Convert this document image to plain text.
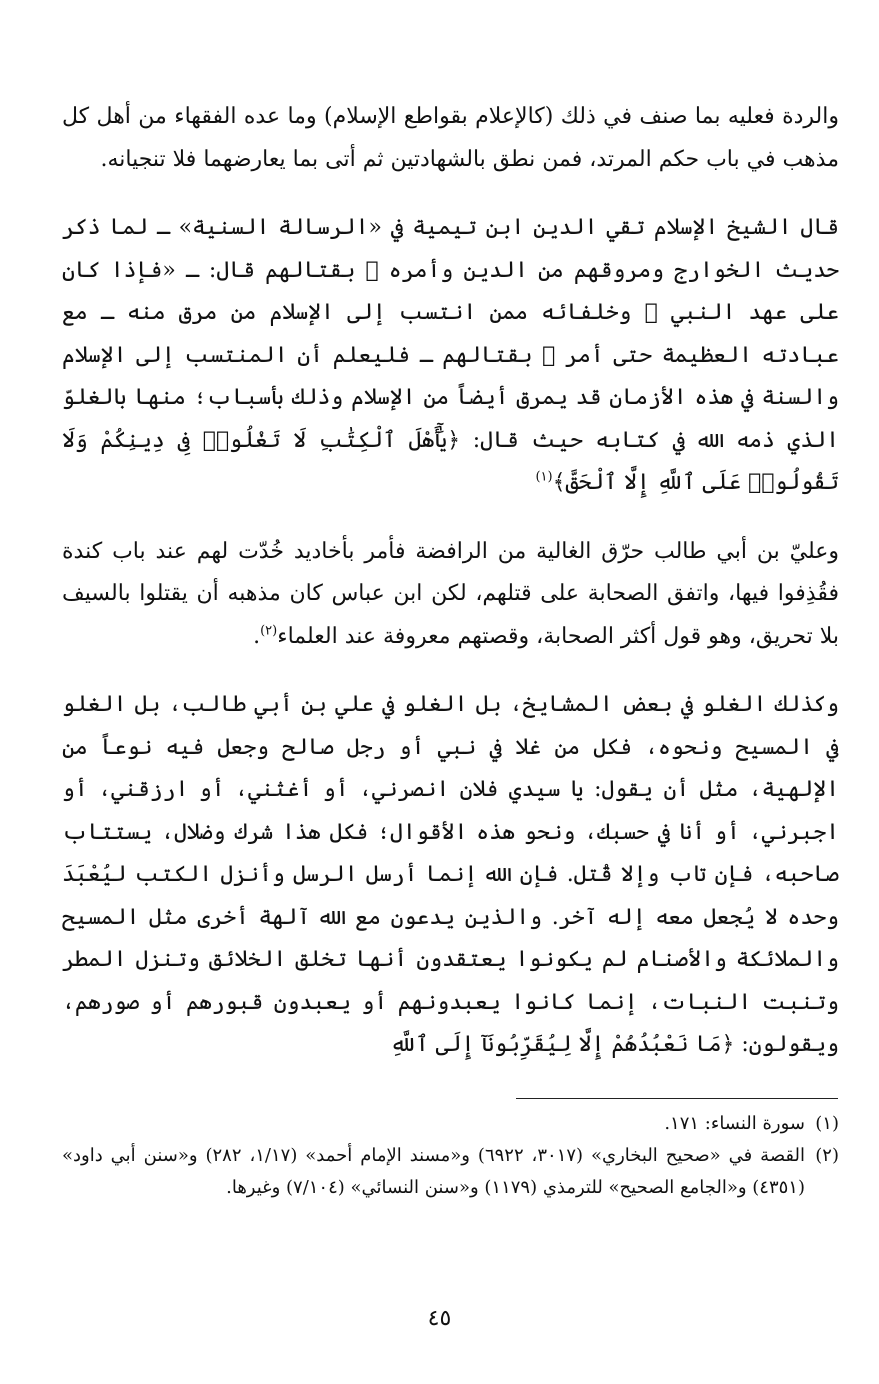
والردة فعليه بما صنف في ذلك (كالإعلام بقواطع الإسلام) وما عده الفقهاء من أهل كل مذهب في باب حكم المرتد، فمن نطق بالشهادتين ثم أتى بما يعارضهما فلا تنجيانه.

قال الشيخ الإسلام تقي الدين ابن تيمية في «الرسالة السنية» ـ لما ذكر حديث الخوارج ومروقهم من الدين وأمره ﷺ بقتالهم قال: ـ «فإذا كان على عهد النبي ﷺ وخلفائه ممن انتسب إلى الإسلام من مرق منه ـ مع عبادته العظيمة حتى أمر ﷺ بقتالهم ـ فليعلم أن المنتسب إلى الإسلام والسنة في هذه الأزمان قد يمرق أيضاً من الإسلام وذلك بأسباب؛ منها بالغلوّ الذي ذمه الله في كتابه حيث قال: ﴿يَٰٓأَهْلَ ٱلْكِتَٰبِ لَا تَغْلُوا۟ فِى دِينِكُمْ وَلَا تَقُولُوا۟ عَلَى ٱللَّهِ إِلَّا ٱلْحَقَّ﴾$^{(١)}$

وعليّ بن أبي طالب حرّق الغالية من الرافضة فأمر بأخاديد خُدّت لهم عند باب كندة فقُذِفوا فيها، واتفق الصحابة على قتلهم، لكن ابن عباس كان مذهبه أن يقتلوا بالسيف بلا تحريق، وهو قول أكثر الصحابة، وقصتهم معروفة عند العلماء$^{(٢)}$.

وكذلك الغلو في بعض المشايخ، بل الغلو في علي بن أبي طالب، بل الغلو في المسيح ونحوه، فكل من غلا في نبي أو رجل صالح وجعل فيه نوعاً من الإلهية، مثل أن يقول: يا سيدي فلان انصرني، أو أغثني، أو ارزقني، أو اجبرني، أو أنا في حسبك، ونحو هذه الأقوال؛ فكل هذا شرك وضلال، يستتاب صاحبه، فإن تاب وإلا قُتل. فإن الله إنما أرسل الرسل وأنزل الكتب ليُعْبَدَ وحده لا يُجعل معه إله آخر. والذين يدعون مع الله آلهة أخرى مثل المسيح والملائكة والأصنام لم يكونوا يعتقدون أنها تخلق الخلائق وتنزل المطر وتنبت النبات، إنما كانوا يعبدونهم أو يعبدون قبورهم أو صورهم، ويقولون: ﴿مَا نَعْبُدُهُمْ إِلَّا لِيُقَرِّبُونَآ إِلَى ٱللَّهِ

(١)
سورة النساء: ١٧١.
(٢)
القصة في «صحيح البخاري» (٣٠١٧، ٦٩٢٢) و«مسند الإمام أحمد» (١/١٧، ٢٨٢) و«سنن أبي داود» (٤٣٥١) و«الجامع الصحيح» للترمذي (١١٧٩) و«سنن النسائي» (٧/١٠٤) وغيرها.
٤٥
